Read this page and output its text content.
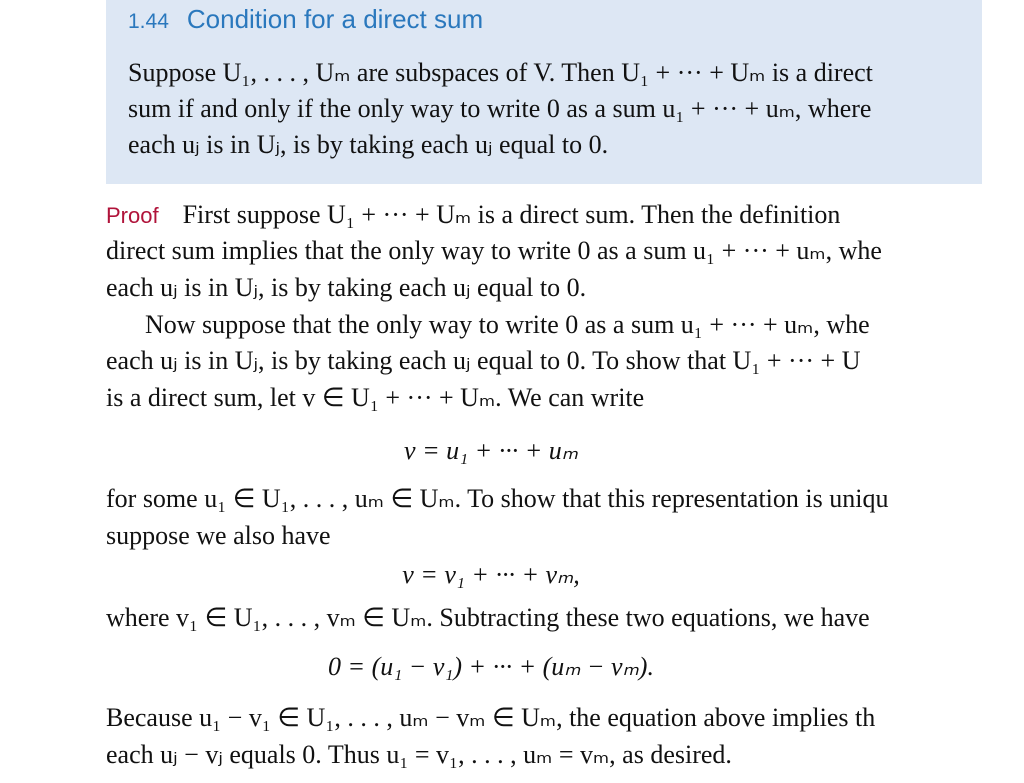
1.44 Condition for a direct sum
Suppose U₁, . . . , Uₘ are subspaces of V. Then U₁ + ··· + Uₘ is a direct
sum if and only if the only way to write 0 as a sum u₁ + ··· + uₘ, where
each uⱼ is in Uⱼ, is by taking each uⱼ equal to 0.
Proof First suppose U₁ + ··· + Uₘ is a direct sum. Then the definition
direct sum implies that the only way to write 0 as a sum u₁ + ··· + uₘ, whe
each uⱼ is in Uⱼ, is by taking each uⱼ equal to 0.
Now suppose that the only way to write 0 as a sum u₁ + ··· + uₘ, whe
each uⱼ is in Uⱼ, is by taking each uⱼ equal to 0. To show that U₁ + ··· + U
is a direct sum, let v ∈ U₁ + ··· + Uₘ. We can write
v = u₁ + ··· + uₘ
for some u₁ ∈ U₁, . . . , uₘ ∈ Uₘ. To show that this representation is uniqu
suppose we also have
v = v₁ + ··· + vₘ,
where v₁ ∈ U₁, . . . , vₘ ∈ Uₘ. Subtracting these two equations, we have
0 = (u₁ − v₁) + ··· + (uₘ − vₘ).
Because u₁ − v₁ ∈ U₁, . . . , uₘ − vₘ ∈ Uₘ, the equation above implies th
each uⱼ − vⱼ equals 0. Thus u₁ = v₁, . . . , uₘ = vₘ, as desired.
